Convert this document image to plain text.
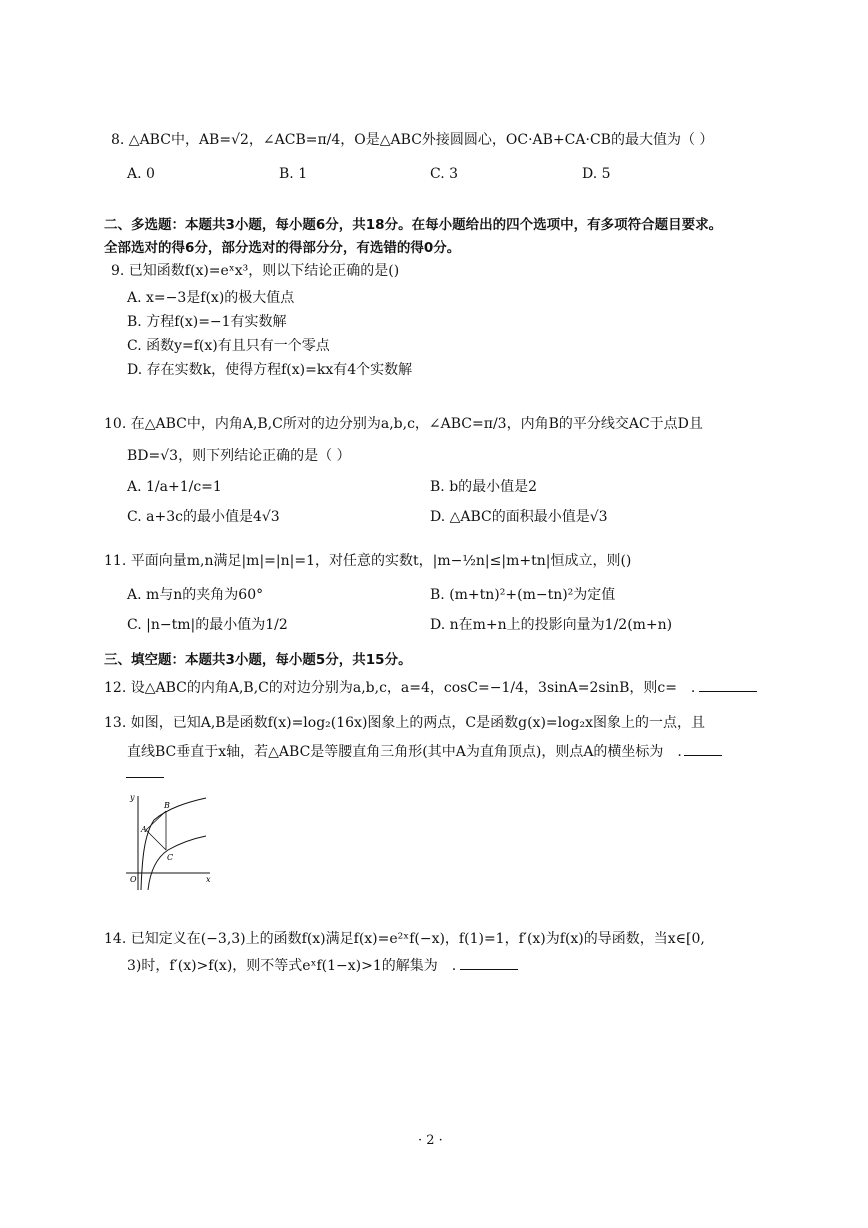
8. △ABC中，AB=√2，∠ACB=π/4，O是△ABC外接圆圆心，OC·AB+CA·CB的最大值为（ ）
A. 0	B. 1	C. 3	D. 5
二、多选题：本题共3小题，每小题6分，共18分。在每小题给出的四个选项中，有多项符合题目要求。
全部选对的得6分，部分选对的得部分分，有选错的得0分。
9. 已知函数f(x)=eˣx³，则以下结论正确的是()
A. x=−3是f(x)的极大值点
B. 方程f(x)=−1有实数解
C. 函数y=f(x)有且只有一个零点
D. 存在实数k，使得方程f(x)=kx有4个实数解
10. 在△ABC中，内角A,B,C所对的边分别为a,b,c，∠ABC=π/3，内角B的平分线交AC于点D且
BD=√3，则下列结论正确的是（ ）
A. 1/a+1/c=1	B. b的最小值是2
C. a+3c的最小值是4√3	D. △ABC的面积最小值是√3
11. 平面向量m,n满足|m|=|n|=1，对任意的实数t，|m−½n|≤|m+tn|恒成立，则()
A. m与n的夹角为60°	B. (m+tn)²+(m−tn)²为定值
C. |n−tm|的最小值为1/2	D. n在m+n上的投影向量为1/2(m+n)
三、填空题：本题共3小题，每小题5分，共15分。
12. 设△ABC的内角A,B,C的对边分别为a,b,c，a=4，cosC=−1/4，3sinA=2sinB，则c=　.
13. 如图，已知A,B是函数f(x)=log₂(16x)图象上的两点，C是函数g(x)=log₂x图象上的一点，且
直线BC垂直于x轴，若△ABC是等腰直角三角形(其中A为直角顶点)，则点A的横坐标为　.
y
B
A
C
O	x
14. 已知定义在(−3,3)上的函数f(x)满足f(x)=e²ˣf(−x)，f(1)=1，f′(x)为f(x)的导函数，当x∈[0,
3)时，f′(x)>f(x)，则不等式eˣf(1−x)>1的解集为　.
· 2 ·
